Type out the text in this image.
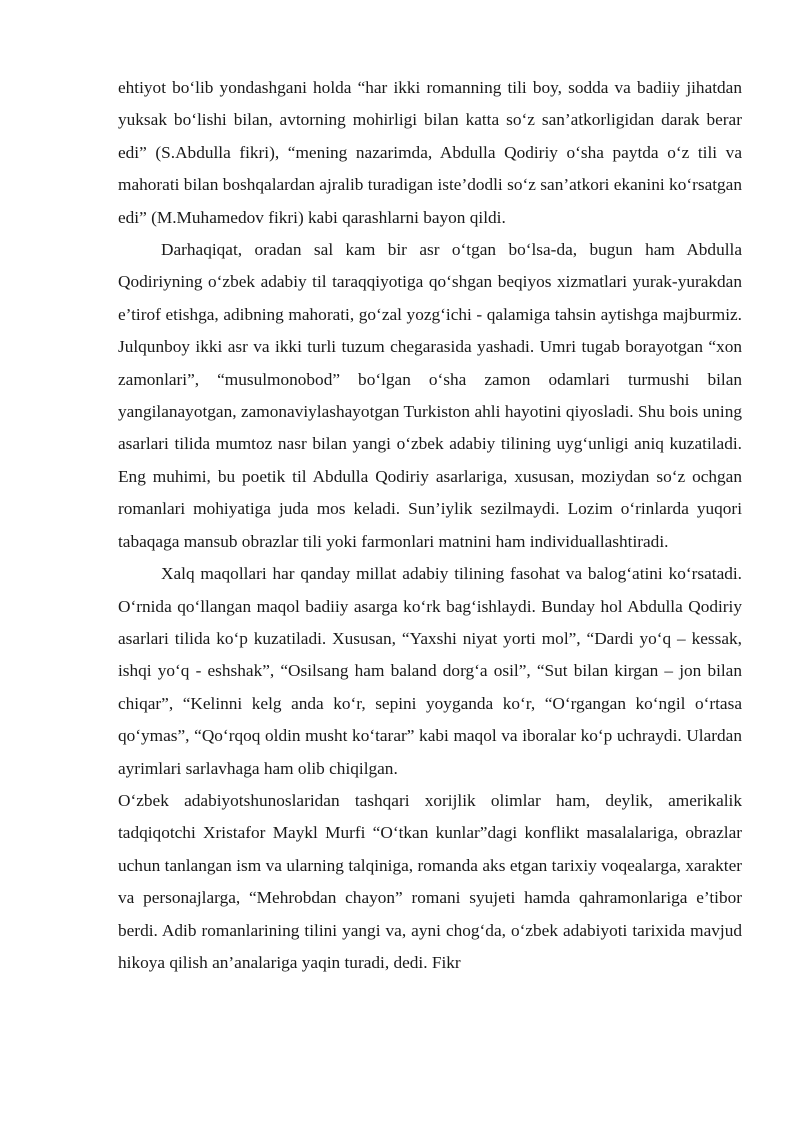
ehtiyot bo‘lib yondashgani holda “har ikki romanning tili boy, sodda va badiiy jihatdan yuksak bo‘lishi bilan, avtorning mohirligi bilan katta so‘z san’atkorligidan darak berar edi” (S.Abdulla fikri), “mening nazarimda, Abdulla Qodiriy o‘sha paytda o‘z tili va mahorati bilan boshqalardan ajralib turadigan iste’dodli so‘z san’atkori ekanini ko‘rsatgan edi” (M.Muhamedov fikri) kabi qarashlarni bayon qildi.

Darhaqiqat, oradan sal kam bir asr o‘tgan bo‘lsa-da, bugun ham Abdulla Qodiriyning o‘zbek adabiy til taraqqiyotiga qo‘shgan beqiyos xizmatlari yurak-yurakdan e’tirof etishga, adibning mahorati, go‘zal yozg‘ichi - qalamiga tahsin aytishga majburmiz. Julqunboy ikki asr va ikki turli tuzum chegarasida yashadi. Umri tugab borayotgan “xon zamonlari”, “musulmonobod” bo‘lgan o‘sha zamon odamlari turmushi bilan yangilanayotgan, zamonaviylashayotgan Turkiston ahli hayotini qiyosladi. Shu bois uning asarlari tilida mumtoz nasr bilan yangi o‘zbek adabiy tilining uyg‘unligi aniq kuzatiladi. Eng muhimi, bu poetik til Abdulla Qodiriy asarlariga, xususan, moziydan so‘z ochgan romanlari mohiyatiga juda mos keladi. Sun’iylik sezilmaydi. Lozim o‘rinlarda yuqori tabaqaga mansub obrazlar tili yoki farmonlari matnini ham individuallashtiradi.

Xalq maqollari har qanday millat adabiy tilining fasohat va balog‘atini ko‘rsatadi. O‘rnida qo‘llangan maqol badiiy asarga ko‘rk bag‘ishlaydi. Bunday hol Abdulla Qodiriy asarlari tilida ko‘p kuzatiladi. Xususan, “Yaxshi niyat yorti mol”, “Dardi yo‘q – kessak, ishqi yo‘q - eshshak”, “Osilsang ham baland dorg‘a osil”, “Sut bilan kirgan – jon bilan chiqar”, “Kelinni kelg anda ko‘r, sepini yoyganda ko‘r, “O‘rgangan ko‘ngil o‘rtasa qo‘ymas”, “Qo‘rqoq oldin musht ko‘tarar” kabi maqol va iboralar ko‘p uchraydi. Ulardan ayrimlari sarlavhaga ham olib chiqilgan.

O‘zbek adabiyotshunoslaridan tashqari xorijlik olimlar ham, deylik, amerikalik tadqiqotchi Xristafor Maykl Murfi “O‘tkan kunlar”dagi konflikt masalalariga, obrazlar uchun tanlangan ism va ularning talqiniga, romanda aks etgan tarixiy voqealarga, xarakter va personajlarga, “Mehrobdan chayon” romani syujeti hamda qahramonlariga e’tibor berdi. Adib romanlarining tilini yangi va, ayni chog‘da, o‘zbek adabiyoti tarixida mavjud hikoya qilish an’analariga yaqin turadi, dedi. Fikr
